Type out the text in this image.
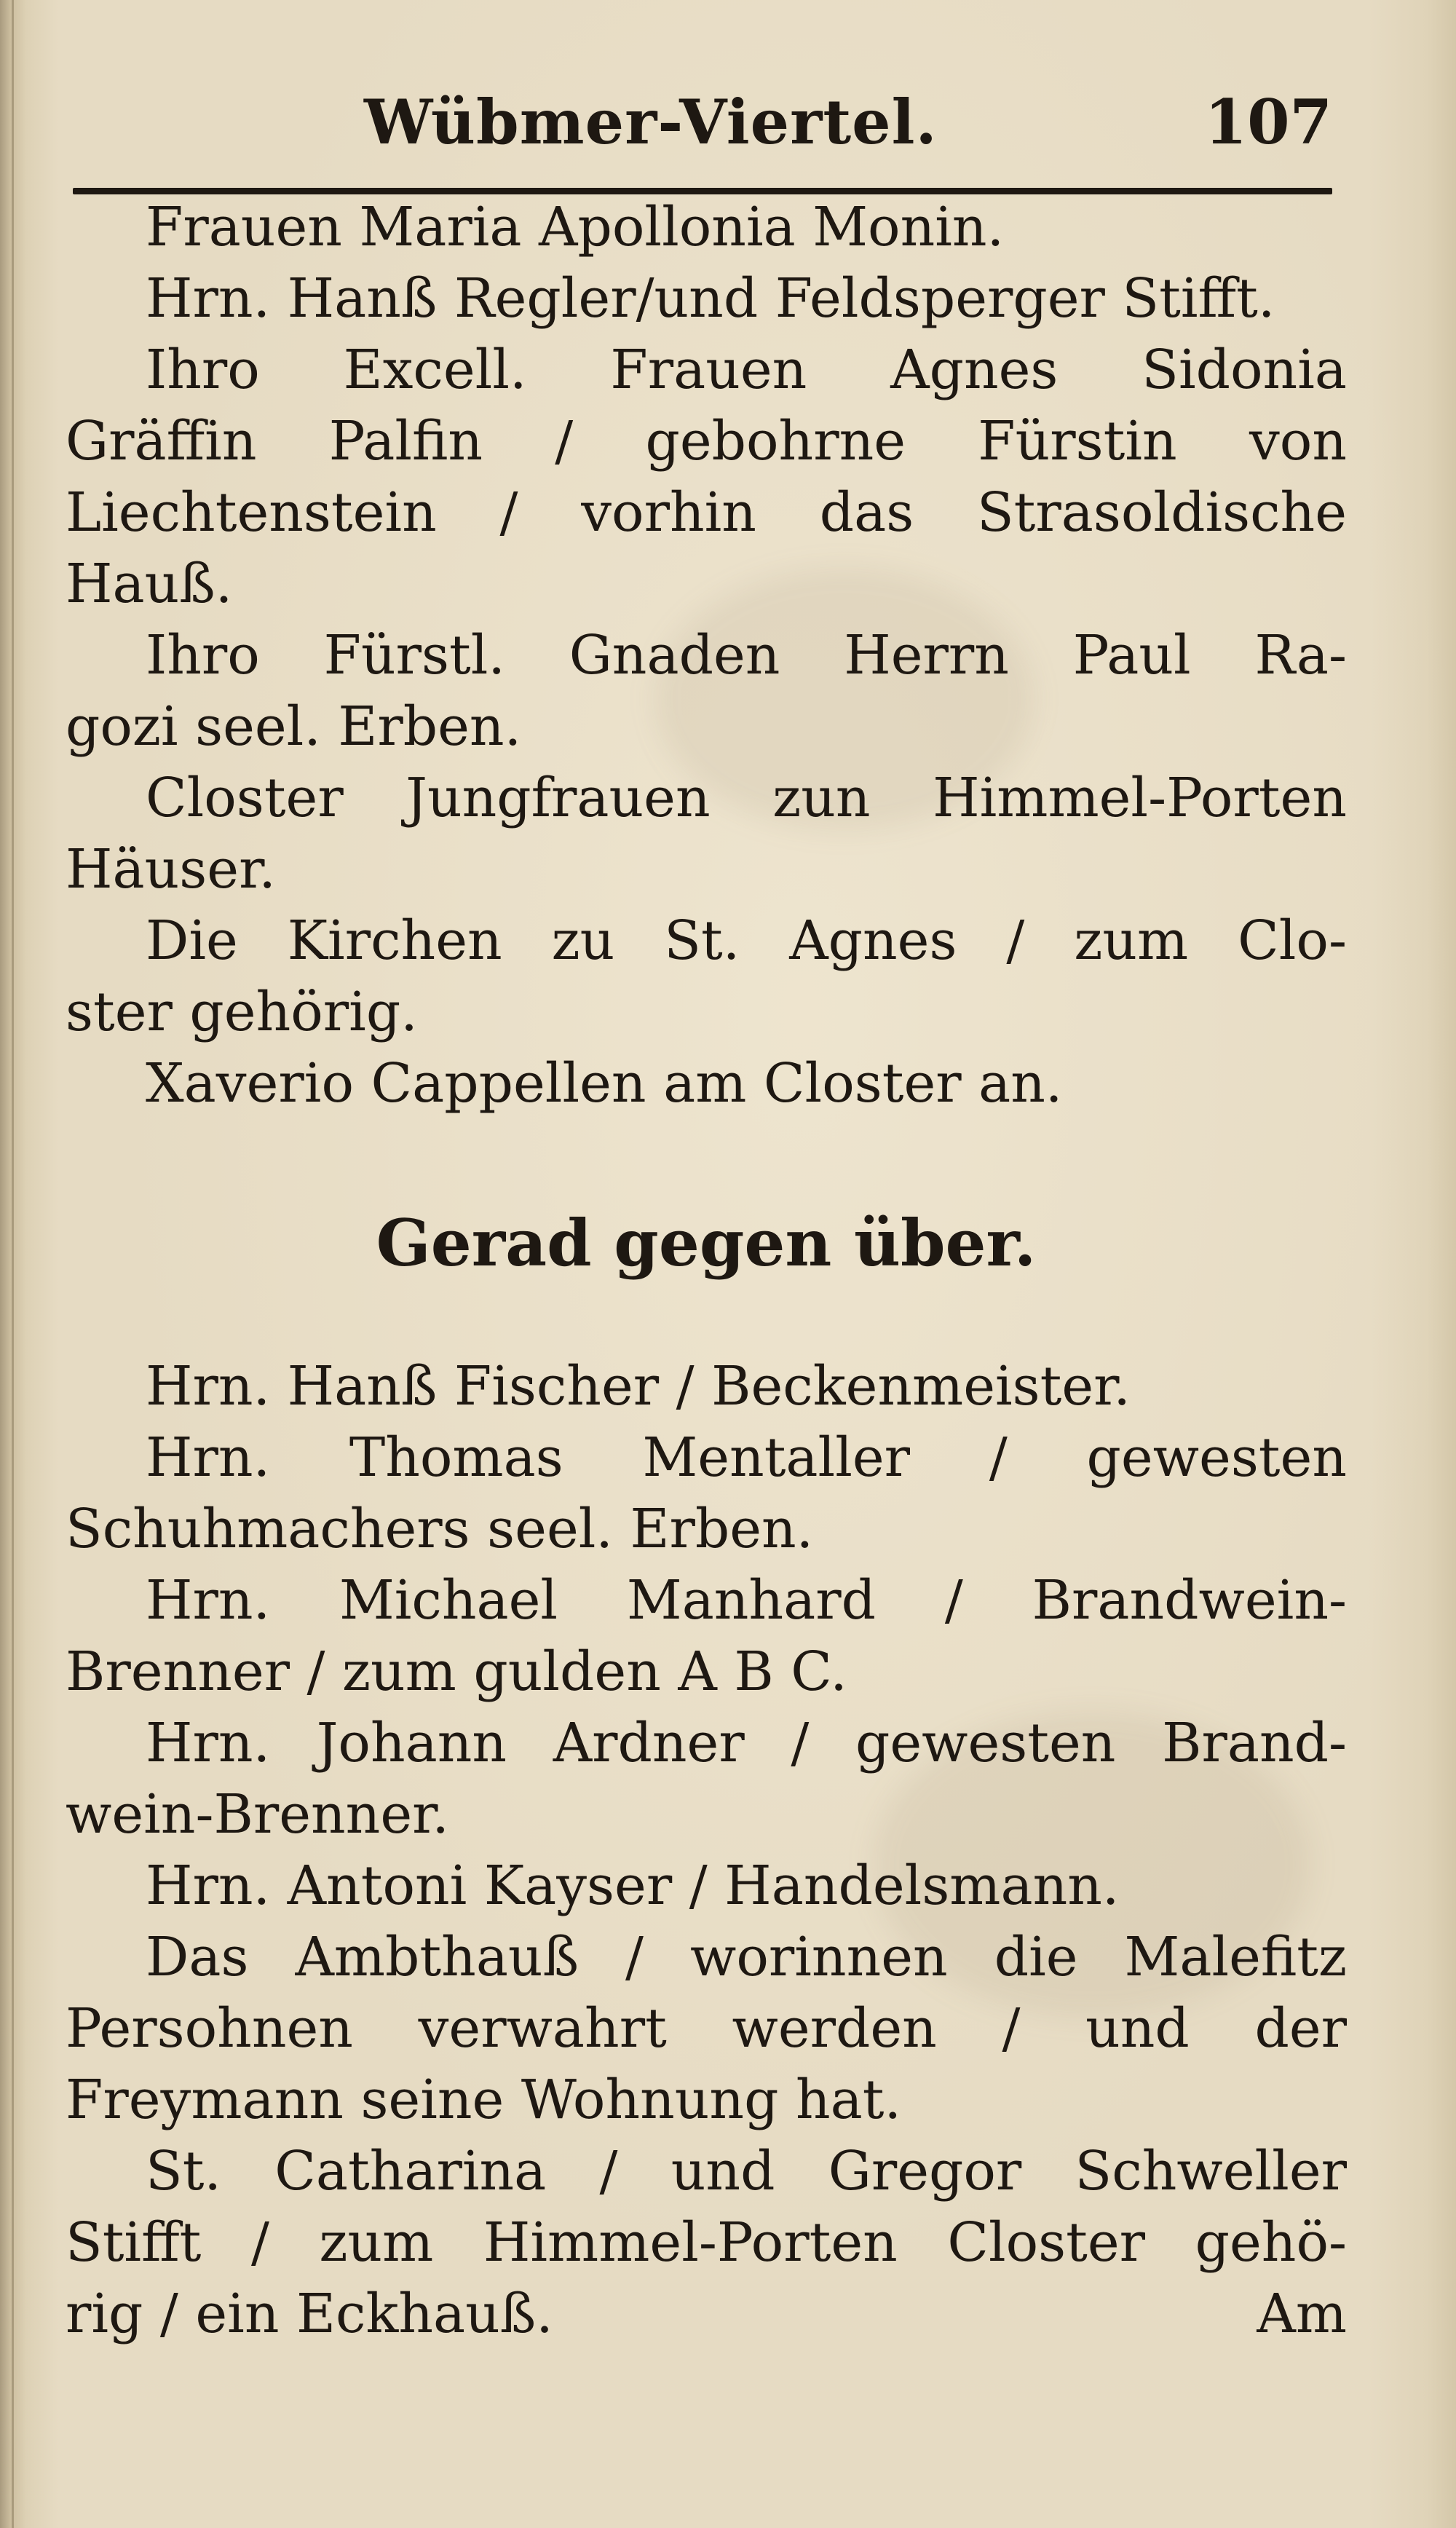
Wübmer-Viertel.	107
Frauen Maria Apollonia Monin.
Hrn. Hanß Regler/und Feldsperger Stifft.
Ihro Excell. Frauen Agnes Sidonia
Gräffin Palfin / gebohrne Fürstin von
Liechtenstein / vorhin das Strasoldische
Hauß.
Ihro Fürstl. Gnaden Herrn Paul Ra-
gozi seel. Erben.
Closter Jungfrauen zun Himmel-Porten
Häuser.
Die Kirchen zu St. Agnes / zum Clo-
ster gehörig.
Xaverio Cappellen am Closter an.
Gerad gegen über.
Hrn. Hanß Fischer / Beckenmeister.
Hrn. Thomas Mentaller / gewesten
Schuhmachers seel. Erben.
Hrn. Michael Manhard / Brandwein-
Brenner / zum gulden A B C.
Hrn. Johann Ardner / gewesten Brand-
wein-Brenner.
Hrn. Antoni Kayser / Handelsmann.
Das Ambthauß / worinnen die Malefitz
Persohnen verwahrt werden / und der
Freymann seine Wohnung hat.
St. Catharina / und Gregor Schweller
Stifft / zum Himmel-Porten Closter gehö-
rig / ein Eckhauß.	Am
